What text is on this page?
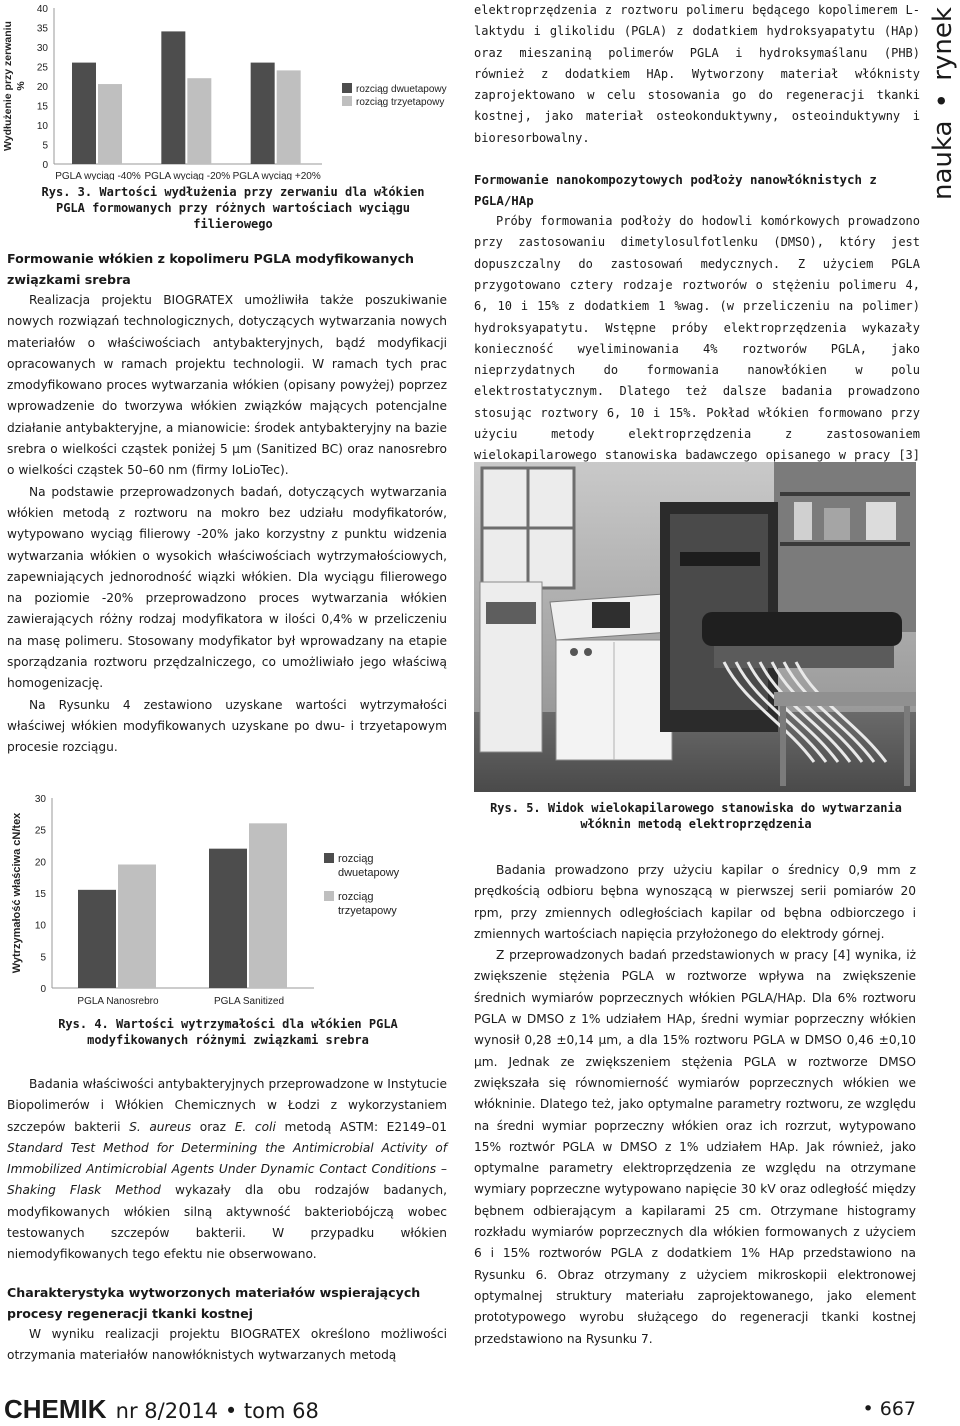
nauka • rynek
0
5
10
15
20
25
30
35
40
Wydłużenie przy zerwaniu%
PGLA wyciąg -40% PGLA wyciąg -20% PGLA wyciąg +20%
rozciąg dwuetapowy
rozciąg trzyetapowy

Rys. 3. Wartości wydłużenia przy zerwaniu dla włókien PGLA formowanych przy różnych wartościach wyciągu filierowego

Formowanie włókien z kopolimeru PGLA modyfikowanych związkami srebra

Realizacja projektu BIOGRATEX umożliwiła także poszukiwanie nowych rozwiązań technologicznych, dotyczących wytwarzania nowych materiałów o właściwościach antybakteryjnych, bądź modyfikacji opracowanych w ramach projektu technologii. W ramach tych prac zmodyfikowano proces wytwarzania włókien (opisany powyżej) poprzez wprowadzenie do tworzywa włókien związków mających potencjalne działanie antybakteryjne, a mianowicie: środek antybakteryjny na bazie srebra o wielkości cząstek poniżej 5 μm (Sanitized BC) oraz nanosrebro o wielkości cząstek 50–60 nm (firmy IoLioTec).

Na podstawie przeprowadzonych badań, dotyczących wytwarzania włókien metodą z roztworu na mokro bez udziału modyfikatorów, wytypowano wyciąg filierowy -20% jako korzystny z punktu widzenia wytwarzania włókien o wysokich właściwościach wytrzymałościowych, zapewniających jednorodność wiązki włókien. Dla wyciągu filierowego na poziomie -20% przeprowadzono proces wytwarzania włókien zawierających różny rodzaj modyfikatora w ilości 0,4% w przeliczeniu na masę polimeru. Stosowany modyfikator był wprowadzany na etapie sporządzania roztworu przędzalniczego, co umożliwiało jego właściwą homogenizację.

Na Rysunku 4 zestawiono uzyskane wartości wytrzymałości właściwej włókien modyfikowanych uzyskane po dwu- i trzyetapowym procesie rozciągu.

0
5
10
15
20
25
30
Wytrzymałość właściwa cN/tex
PGLA Nanosrebro	PGLA Sanitized
rozciąg dwuetapowy
rozciąg trzyetapowy

Rys. 4. Wartości wytrzymałości dla włókien PGLA modyfikowanych różnymi związkami srebra

Badania właściwości antybakteryjnych przeprowadzone w Instytucie Biopolimerów i Włókien Chemicznych w Łodzi z wykorzystaniem szczepów bakterii S. aureus oraz E. coli metodą ASTM: E2149–01 Standard Test Method for Determining the Antimicrobial Activity of Immobilized Antimicrobial Agents Under Dynamic Contact Conditions – Shaking Flask Method wykazały dla obu rodzajów badanych, modyfikowanych włókien silną aktywność bakteriobójczą wobec testowanych szczepów bakterii. W przypadku włókien niemodyfikowanych tego efektu nie obserwowano.

Charakterystyka wytworzonych materiałów wspierających procesy regeneracji tkanki kostnej

W wyniku realizacji projektu BIOGRATEX określono możliwości otrzymania materiałów nanowłóknistych wytwarzanych metodą

elektroprzędzenia z roztworu polimeru będącego kopolimerem L-laktydu i glikolidu (PGLA) z dodatkiem hydroksyapatytu (HAp) oraz mieszaniną polimerów PGLA i hydroksymaślanu (PHB) również z dodatkiem HAp. Wytworzony materiał włóknisty zaprojektowano w celu stosowania go do regeneracji tkanki kostnej, jako materiał osteokonduktywny, osteoinduktywny i bioresorbowalny.

Formowanie nanokompozytowych podłoży nanowłóknistych z PGLA/HAp

Próby formowania podłoży do hodowli komórkowych prowadzono przy zastosowaniu dimetylosulfotlenku (DMSO), który jest dopuszczalny do zastosowań medycznych. Z użyciem PGLA przygotowano cztery rodzaje roztworów o stężeniu polimeru 4, 6, 10 i 15% z dodatkiem 1 %wag. (w przeliczeniu na polimer) hydroksyapatytu. Wstępne próby elektroprzędzenia wykazały konieczność wyeliminowania 4% roztworów PGLA, jako nieprzydatnych do formowania nanowłókien w polu elektrostatycznym. Dlatego też dalsze badania prowadzono stosując roztwory 6, 10 i 15%. Pokład włókien formowano przy użyciu metody elektroprzędzenia z zastosowaniem wielokapilarowego stanowiska badawczego opisanego w pracy [3]

Rys. 5. Widok wielokapilarowego stanowiska do wytwarzania włóknin metodą elektroprzędzenia

Badania prowadzono przy użyciu kapilar o średnicy 0,9 mm z prędkością odbioru bębna wynoszącą w pierwszej serii pomiarów 20 rpm, przy zmiennych odległościach kapilar od bębna odbiorczego i zmiennych wartościach napięcia przyłożonego do elektrody górnej.

Z przeprowadzonych badań przedstawionych w pracy [4] wynika, iż zwiększenie stężenia PGLA w roztworze wpływa na zwiększenie średnich wymiarów poprzecznych włókien PGLA/HAp. Dla 6% roztworu PGLA w DMSO z 1% udziałem HAp, średni wymiar poprzeczny włókien wynosił 0,28 ±0,14 μm, a dla 15% roztworu PGLA w DMSO 0,46 ±0,10 μm. Jednak ze zwiększeniem stężenia PGLA w roztworze DMSO zwiększała się równomierność wymiarów poprzecznych włókien we włókninie. Dlatego też, jako optymalne parametry roztworu, ze względu na średni wymiar poprzeczny włókien oraz ich rozrzut, wytypowano 15% roztwór PGLA w DMSO z 1% udziałem HAp. Jak również, jako optymalne parametry elektroprzędzenia ze względu na otrzymane wymiary poprzeczne wytypowano napięcie 30 kV oraz odległość między bębnem odbierającym a kapilarami 25 cm. Otrzymane histogramy rozkładu wymiarów poprzecznych dla włókien formowanych z użyciem 6 i 15% roztworów PGLA z dodatkiem 1% HAp przedstawiono na Rysunku 6. Obraz otrzymany z użyciem mikroskopii elektronowej optymalnej struktury materiału zaprojektowanego, jako element prototypowego wyrobu służącego do regeneracji tkanki kostnej przedstawiono na Rysunku 7.

CHEMIK nr 8/2014 • tom 68	• 667
